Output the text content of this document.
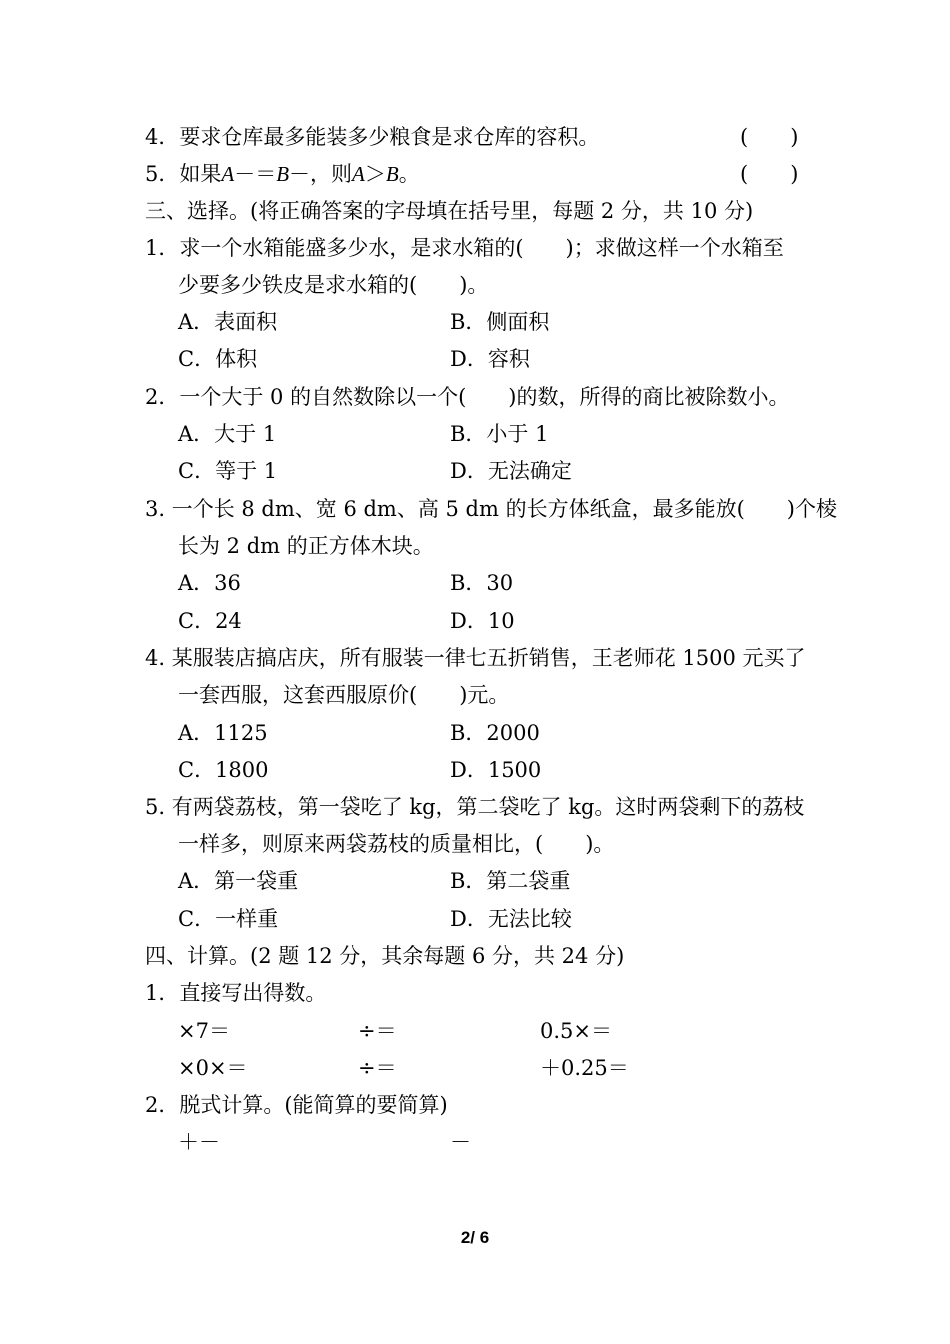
4．要求仓库最多能装多少粮食是求仓库的容积。	(　　)
5．如果A－＝B－，则A＞B。	(　　)
三、选择。(将正确答案的字母填在括号里，每题 2 分，共 10 分)
1．求一个水箱能盛多少水，是求水箱的(　　)；求做这样一个水箱至
少要多少铁皮是求水箱的(　　)。
A．表面积	B．侧面积
C．体积	D．容积
2．一个大于 0 的自然数除以一个(　　)的数，所得的商比被除数小。
A．大于 1	B．小于 1
C．等于 1	D．无法确定
3. 一个长 8 dm、宽 6 dm、高 5 dm 的长方体纸盒，最多能放(　　)个棱
长为 2 dm 的正方体木块。
A．36	B．30
C．24	D．10
4. 某服装店搞店庆，所有服装一律七五折销售，王老师花 1500 元买了
一套西服，这套西服原价(　　)元。
A．1125	B．2000
C．1800	D．1500
5. 有两袋荔枝，第一袋吃了 kg，第二袋吃了 kg。这时两袋剩下的荔枝
一样多，则原来两袋荔枝的质量相比，(　　)。
A．第一袋重	B．第二袋重
C．一样重	D．无法比较
四、计算。(2 题 12 分，其余每题 6 分，共 24 分)
1．直接写出得数。
×7＝	÷＝	0.5×＝
×0×＝	÷＝	＋0.25＝
2．脱式计算。(能简算的要简算)
＋－	－
2/ 6
